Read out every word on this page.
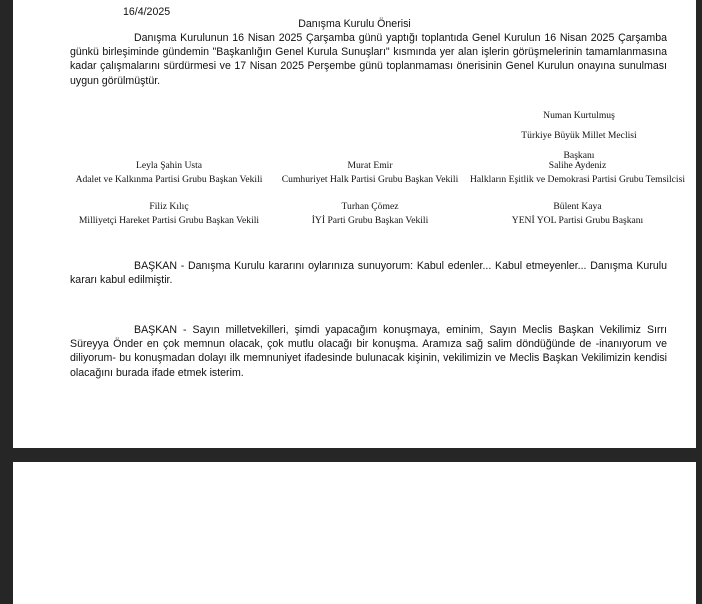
16/4/2025
Danışma Kurulu Önerisi
Danışma Kurulunun 16 Nisan 2025 Çarşamba günü yaptığı toplantıda Genel Kurulun 16 Nisan 2025 Çarşamba günkü birleşiminde gündemin "Başkanlığın Genel Kurula Sunuşları" kısmında yer alan işlerin görüşmelerinin tamamlanmasına kadar çalışmalarını sürdürmesi ve 17 Nisan 2025 Perşembe günü toplanmaması önerisinin Genel Kurulun onayına sunulması uygun görülmüştür.
Numan Kurtulmuş
Türkiye Büyük Millet Meclisi
Başkanı
Leyla Şahin Usta
Adalet ve Kalkınma Partisi Grubu Başkan Vekili
Murat Emir
Cumhuriyet Halk Partisi Grubu Başkan Vekili
Salihe Aydeniz
Halkların Eşitlik ve Demokrasi Partisi Grubu Temsilcisi
Filiz Kılıç
Milliyetçi Hareket Partisi Grubu Başkan Vekili
Turhan Çömez
İYİ Parti Grubu Başkan Vekili
Bülent Kaya
YENİ YOL Partisi Grubu Başkanı
BAŞKAN - Danışma Kurulu kararını oylarınıza sunuyorum: Kabul edenler... Kabul etmeyenler... Danışma Kurulu kararı kabul edilmiştir.
BAŞKAN - Sayın milletvekilleri, şimdi yapacağım konuşmaya, eminim, Sayın Meclis Başkan Vekilimiz Sırrı Süreyya Önder en çok memnun olacak, çok mutlu olacağı bir konuşma. Aramıza sağ salim döndüğünde de -inanıyorum ve diliyorum- bu konuşmadan dolayı ilk memnuniyet ifadesinde bulunacak kişinin, vekilimizin ve Meclis Başkan Vekilimizin kendisi olacağını burada ifade etmek isterim.
